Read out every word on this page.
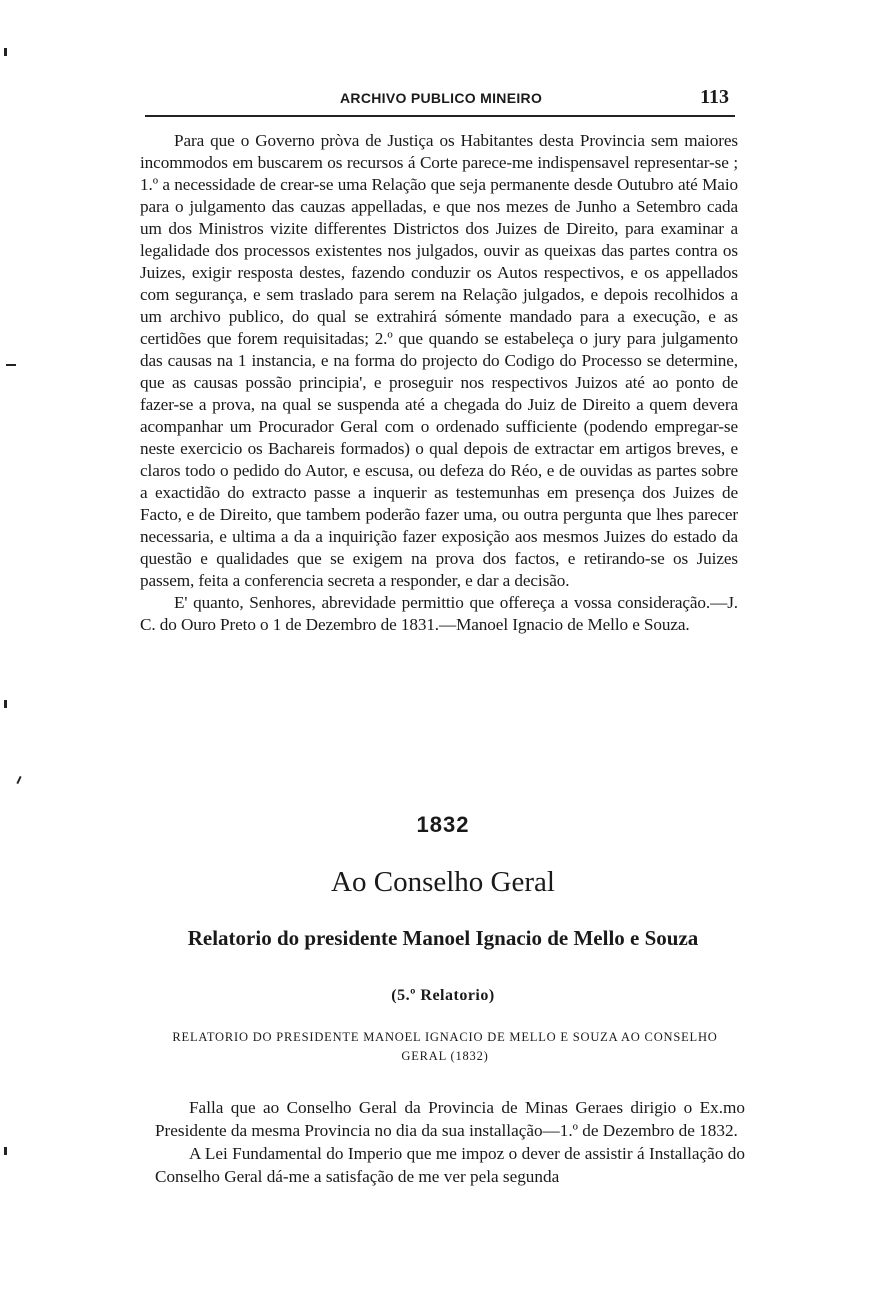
ARCHIVO PUBLICO MINEIRO	113

Para que o Governo pròva de Justiça os Habitantes desta Provincia sem maiores incommodos em buscarem os recursos á Corte parece-me indispensavel representar-se ; 1.º a necessidade de crear-se uma Relação que seja permanente desde Outubro até Maio para o julgamento das cauzas appelladas, e que nos mezes de Junho a Setembro cada um dos Ministros vizite differentes Districtos dos Juizes de Direito, para examinar a legalidade dos processos existentes nos julgados, ouvir as queixas das partes contra os Juizes, exigir resposta destes, fazendo conduzir os Autos respectivos, e os appellados com segurança, e sem traslado para serem na Relação julgados, e depois recolhidos a um archivo publico, do qual se extrahirá sómente mandado para a execução, e as certidões que forem requisitadas; 2.º que quando se estabeleça o jury para julgamento das causas na 1 instancia, e na forma do projecto do Codigo do Processo se determine, que as causas possão principia', e proseguir nos respectivos Juizos até ao ponto de fazer-se a prova, na qual se suspenda até a chegada do Juiz de Direito a quem devera acompanhar um Procurador Geral com o ordenado sufficiente (podendo empregar-se neste exercicio os Bachareis formados) o qual depois de extractar em artigos breves, e claros todo o pedido do Autor, e escusa, ou defeza do Réo, e de ouvidas as partes sobre a exactidão do extracto passe a inquerir as testemunhas em presença dos Juizes de Facto, e de Direito, que tambem poderão fazer uma, ou outra pergunta que lhes parecer necessaria, e ultima a da a inquirição fazer exposição aos mesmos Juizes do estado da questão e qualidades que se exigem na prova dos factos, e retirando-se os Juizes passem, feita a conferencia secreta a responder, e dar a decisão.

E' quanto, Senhores, abrevidade permittio que offereça a vossa consideração.—J. C. do Ouro Preto o 1 de Dezembro de 1831.—Manoel Ignacio de Mello e Souza.

1832
Ao Conselho Geral
Relatorio do presidente Manoel Ignacio de Mello e Souza
(5.º Relatorio)
RELATORIO DO PRESIDENTE MANOEL IGNACIO DE MELLO E SOUZA AO CONSELHO GERAL (1832)

Falla que ao Conselho Geral da Provincia de Minas Geraes dirigio o Ex.mo Presidente da mesma Provincia no dia da sua installação—1.º de Dezembro de 1832.

A Lei Fundamental do Imperio que me impoz o dever de assistir á Installação do Conselho Geral dá-me a satisfação de me ver pela segunda
